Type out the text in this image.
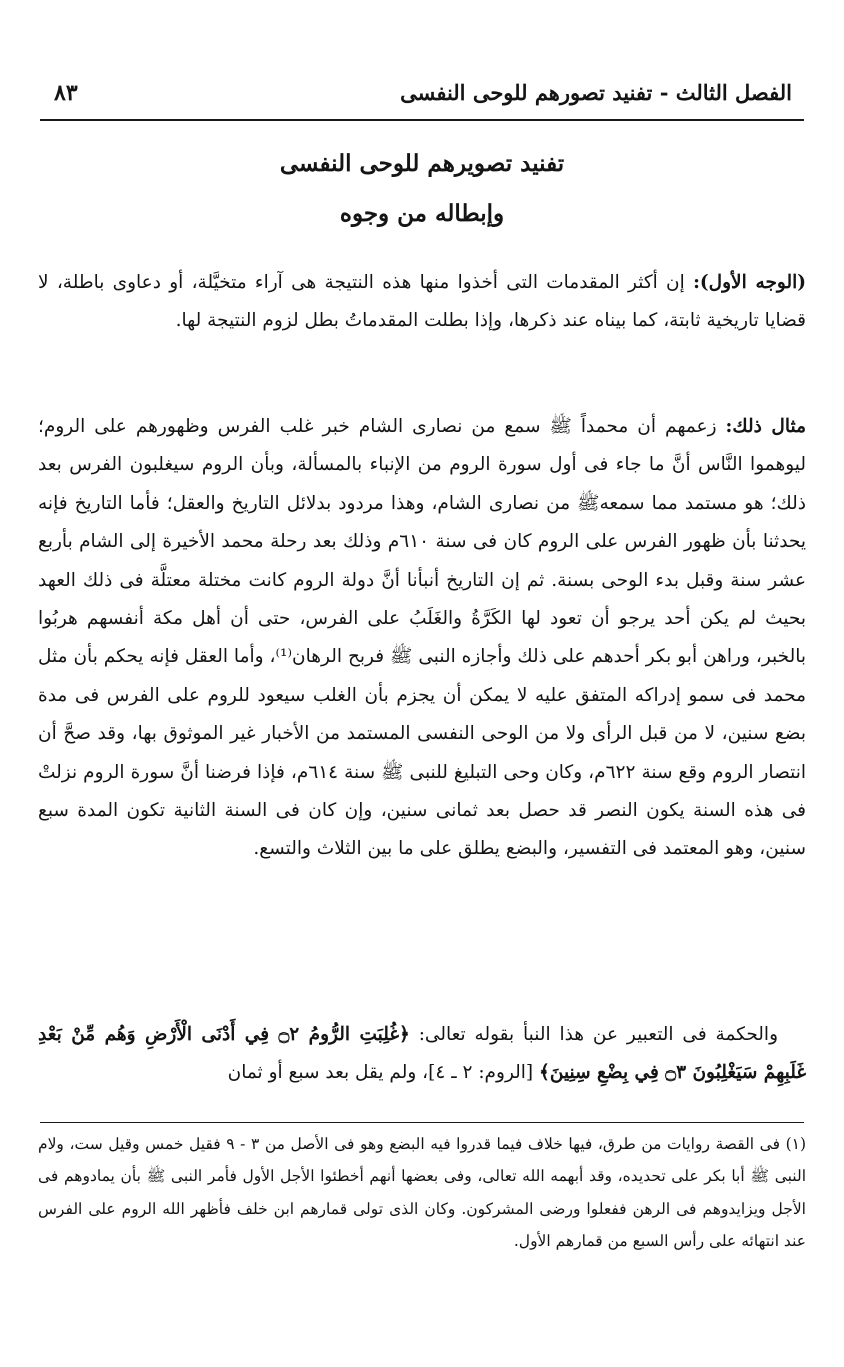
الفصل الثالث - تفنيد تصورهم للوحى النفسى
٨٣
تفنيد تصويرهم للوحى النفسى
وإبطاله من وجوه
(الوجه الأول): إن أكثر المقدمات التى أخذوا منها هذه النتيجة هى آراء متخيَّلة، أو دعاوى باطلة، لا قضايا تاريخية ثابتة، كما بيناه عند ذكرها، وإذا بطلت المقدماتُ بطل لزوم النتيجة لها.
مثال ذلك: زعمهم أن محمداً ﷺ سمع من نصارى الشام خبر غلب الفرس وظهورهم على الروم؛ ليوهموا النَّاس أنَّ ما جاء فى أول سورة الروم من الإنباء بالمسألة، وبأن الروم سيغلبون الفرس بعد ذلك؛ هو مستمد مما سمعهﷺ من نصارى الشام، وهذا مردود بدلائل التاريخ والعقل؛ فأما التاريخ فإنه يحدثنا بأن ظهور الفرس على الروم كان فى سنة ٦١٠م وذلك بعد رحلة محمد الأخيرة إلى الشام بأربع عشر سنة وقبل بدء الوحى بسنة. ثم إن التاريخ أنبأنا أنَّ دولة الروم كانت مختلة معتلَّة فى ذلك العهد بحيث لم يكن أحد يرجو أن تعود لها الكَرَّةُ والغَلَبُ على الفرس، حتى أن أهل مكة أنفسهم هربُوا بالخبر، وراهن أبو بكر أحدهم على ذلك وأجازه النبى ﷺ فربح الرهان⁽¹⁾، وأما العقل فإنه يحكم بأن مثل محمد فى سمو إدراكه المتفق عليه لا يمكن أن يجزم بأن الغلب سيعود للروم على الفرس فى مدة بضع سنين، لا من قبل الرأى ولا من الوحى النفسى المستمد من الأخبار غير الموثوق بها، وقد صحَّ أن انتصار الروم وقع سنة ٦٢٢م، وكان وحى التبليغ للنبى ﷺ سنة ٦١٤م، فإذا فرضنا أنَّ سورة الروم نزلتْ فى هذه السنة يكون النصر قد حصل بعد ثمانى سنين، وإن كان فى السنة الثانية تكون المدة سبع سنين، وهو المعتمد فى التفسير، والبضع يطلق على ما بين الثلاث والتسع.
والحكمة فى التعبير عن هذا النبأ بقوله تعالى: ﴿غُلِبَتِ الرُّومُ ۝٢ فِي أَدْنَى الْأَرْضِ وَهُم مِّنْ بَعْدِ غَلَبِهِمْ سَيَغْلِبُونَ ۝٣ فِي بِضْعِ سِنِينَ﴾ [الروم: ٢ ـ ٤]، ولم يقل بعد سبع أو ثمان
(١) فى القصة روايات من طرق، فيها خلاف فيما قدروا فيه البضع وهو فى الأصل من ٣ - ٩ فقيل خمس وقيل ست، ولام النبى ﷺ أبا بكر على تحديده، وقد أبهمه الله تعالى، وفى بعضها أنهم أخطئوا الأجل الأول فأمر النبى ﷺ بأن يمادوهم فى الأجل ويزايدوهم فى الرهن ففعلوا ورضى المشركون. وكان الذى تولى قمارهم ابن خلف فأظهر الله الروم على الفرس عند انتهائه على رأس السبع من قمارهم الأول.
